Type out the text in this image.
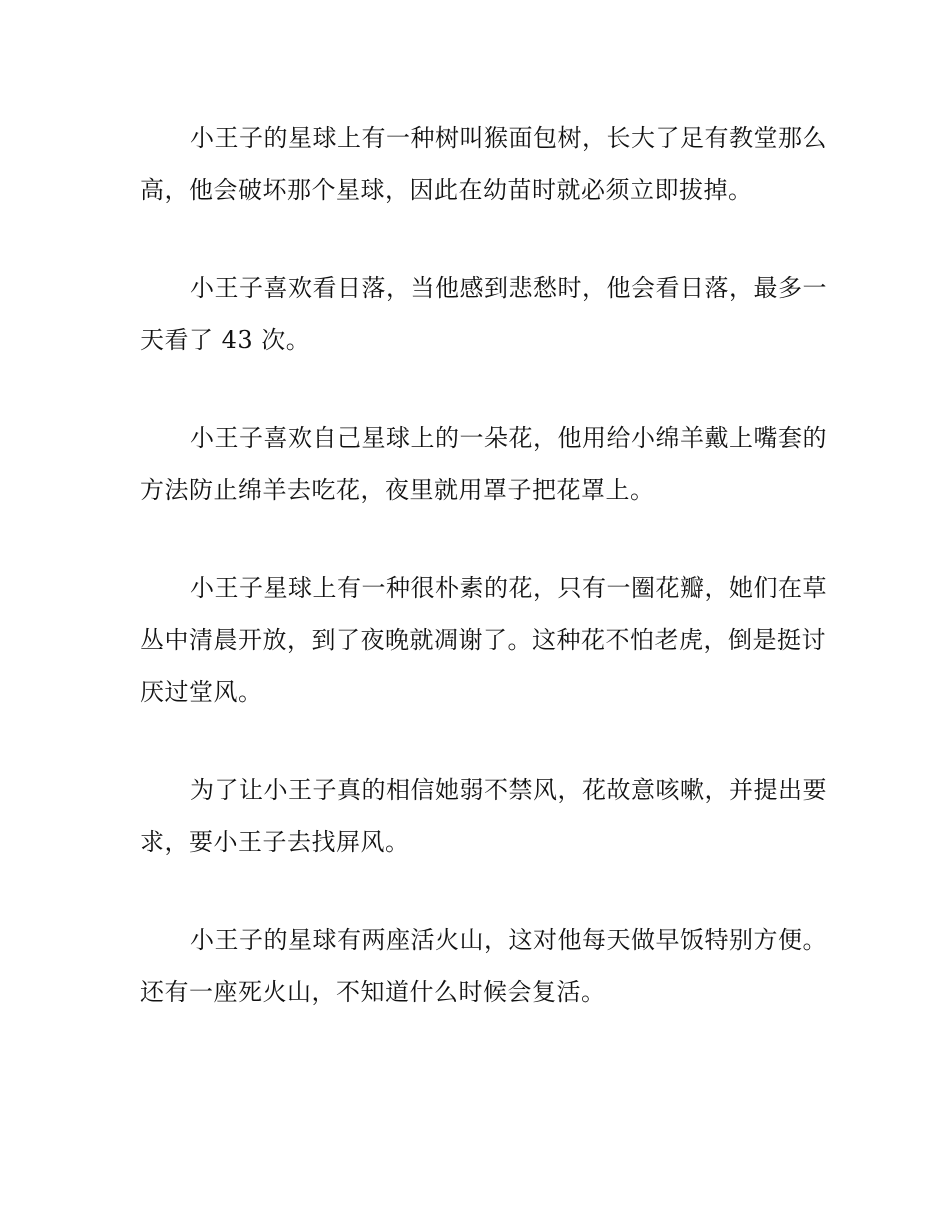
小王子的星球上有一种树叫猴面包树，长大了足有教堂那么高，他会破坏那个星球，因此在幼苗时就必须立即拔掉。

小王子喜欢看日落，当他感到悲愁时，他会看日落，最多一天看了 43 次。

小王子喜欢自己星球上的一朵花，他用给小绵羊戴上嘴套的方法防止绵羊去吃花，夜里就用罩子把花罩上。

小王子星球上有一种很朴素的花，只有一圈花瓣，她们在草丛中清晨开放，到了夜晚就凋谢了。这种花不怕老虎，倒是挺讨厌过堂风。

为了让小王子真的相信她弱不禁风，花故意咳嗽，并提出要求，要小王子去找屏风。

小王子的星球有两座活火山，这对他每天做早饭特别方便。还有一座死火山，不知道什么时候会复活。
